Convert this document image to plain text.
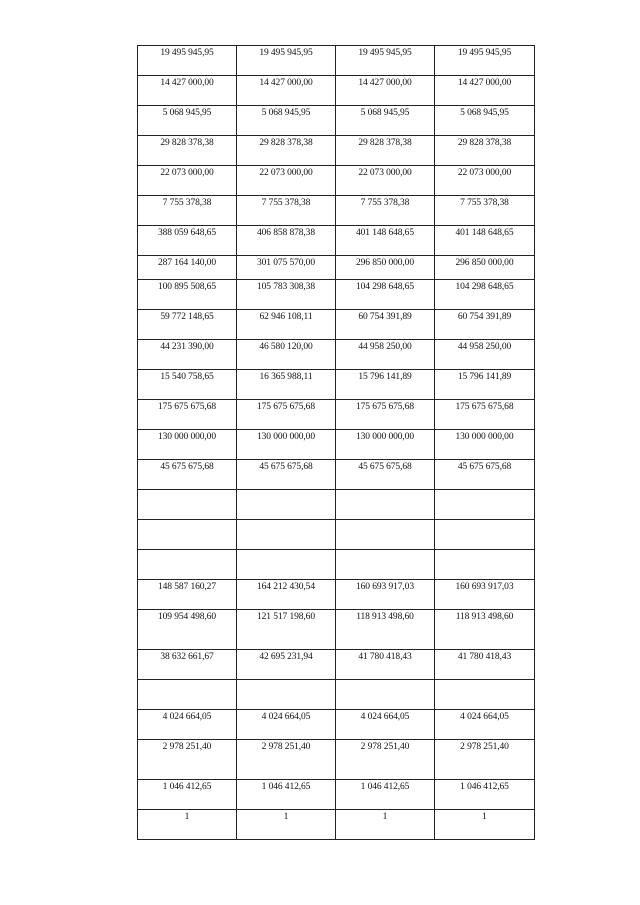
19 495 945,95	19 495 945,95	19 495 945,95	19 495 945,95

14 427 000,00	14 427 000,00	14 427 000,00	14 427 000,00

5 068 945,95	5 068 945,95	5 068 945,95	5 068 945,95

29 828 378,38	29 828 378,38	29 828 378,38	29 828 378,38

22 073 000,00	22 073 000,00	22 073 000,00	22 073 000,00

7 755 378,38	7 755 378,38	7 755 378,38	7 755 378,38

388 059 648,65	406 858 878,38	401 148 648,65	401 148 648,65

287 164 140,00	301 075 570,00	296 850 000,00	296 850 000,00

100 895 508,65	105 783 308,38	104 298 648,65	104 298 648,65

59 772 148,65	62 946 108,11	60 754 391,89	60 754 391,89

44 231 390,00	46 580 120,00	44 958 250,00	44 958 250,00

15 540 758,65	16 365 988,11	15 796 141,89	15 796 141,89

175 675 675,68	175 675 675,68	175 675 675,68	175 675 675,68

130 000 000,00	130 000 000,00	130 000 000,00	130 000 000,00

45 675 675,68	45 675 675,68	45 675 675,68	45 675 675,68

148 587 160,27	164 212 430,54	160 693 917,03	160 693 917,03

109 954 498,60	121 517 198,60	118 913 498,60	118 913 498,60

38 632 661,67	42 695 231,94	41 780 418,43	41 780 418,43

4 024 664,05	4 024 664,05	4 024 664,05	4 024 664,05

2 978 251,40	2 978 251,40	2 978 251,40	2 978 251,40

1 046 412,65	1 046 412,65	1 046 412,65	1 046 412,65

1	1	1	1
